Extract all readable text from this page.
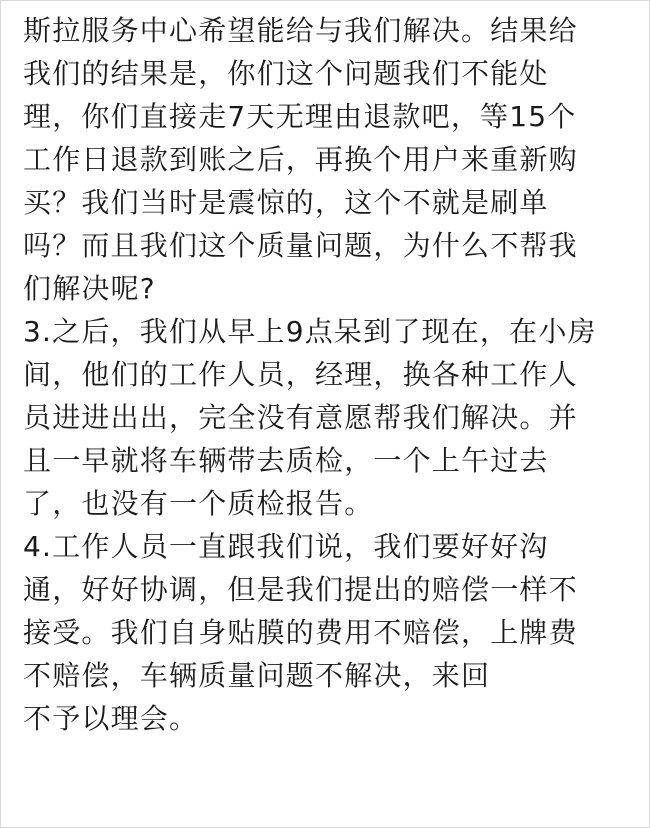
斯拉服务中心希望能给与我们解决。结果给
我们的结果是，你们这个问题我们不能处
理，你们直接走7天无理由退款吧，等15个
工作日退款到账之后，再换个用户来重新购
买？我们当时是震惊的，这个不就是刷单
吗？而且我们这个质量问题，为什么不帮我
们解决呢?
3.之后，我们从早上9点呆到了现在，在小房
间，他们的工作人员，经理，换各种工作人
员进进出出，完全没有意愿帮我们解决。并
且一早就将车辆带去质检，一个上午过去
了，也没有一个质检报告。
4.工作人员一直跟我们说，我们要好好沟
通，好好协调，但是我们提出的赔偿一样不
接受。我们自身贴膜的费用不赔偿，上牌费
不赔偿，车辆质量问题不解决，来回
不予以理会。
